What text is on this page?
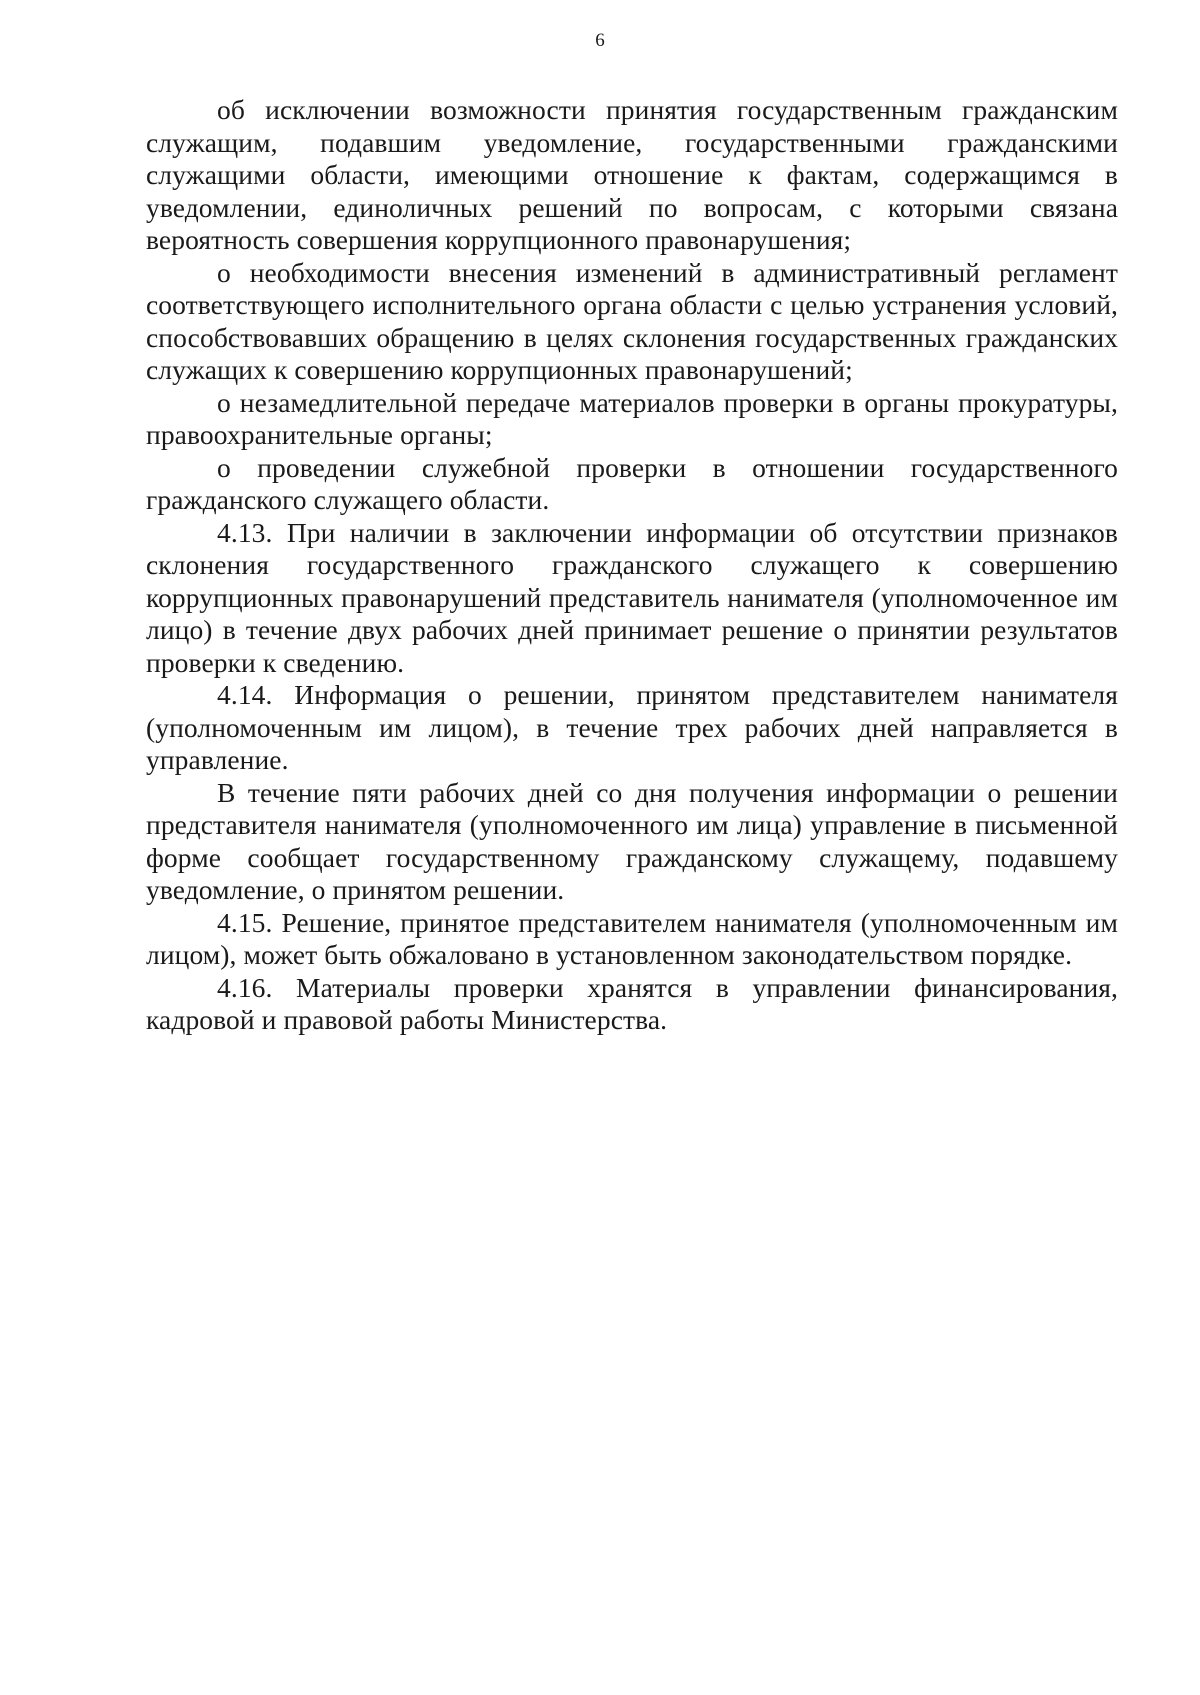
6

об исключении возможности принятия государственным гражданским служащим, подавшим уведомление, государственными гражданскими служащими области, имеющими отношение к фактам, содержащимся в уведомлении, единоличных решений по вопросам, с которыми связана вероятность совершения коррупционного правонарушения;

о необходимости внесения изменений в административный регламент соответствующего исполнительного органа области с целью устранения условий, способствовавших обращению в целях склонения государственных гражданских служащих к совершению коррупционных правонарушений;

о незамедлительной передаче материалов проверки в органы прокуратуры, правоохранительные органы;

о проведении служебной проверки в отношении государственного гражданского служащего области.

4.13. При наличии в заключении информации об отсутствии признаков склонения государственного гражданского служащего к совершению коррупционных правонарушений представитель нанимателя (уполномоченное им лицо) в течение двух рабочих дней принимает решение о принятии результатов проверки к сведению.

4.14. Информация о решении, принятом представителем нанимателя (уполномоченным им лицом), в течение трех рабочих дней направляется в управление.

В течение пяти рабочих дней со дня получения информации о решении представителя нанимателя (уполномоченного им лица) управление в письменной форме сообщает государственному гражданскому служащему, подавшему уведомление, о принятом решении.

4.15. Решение, принятое представителем нанимателя (уполномоченным им лицом), может быть обжаловано в установленном законодательством порядке.

4.16. Материалы проверки хранятся в управлении финансирования, кадровой и правовой работы Министерства.
